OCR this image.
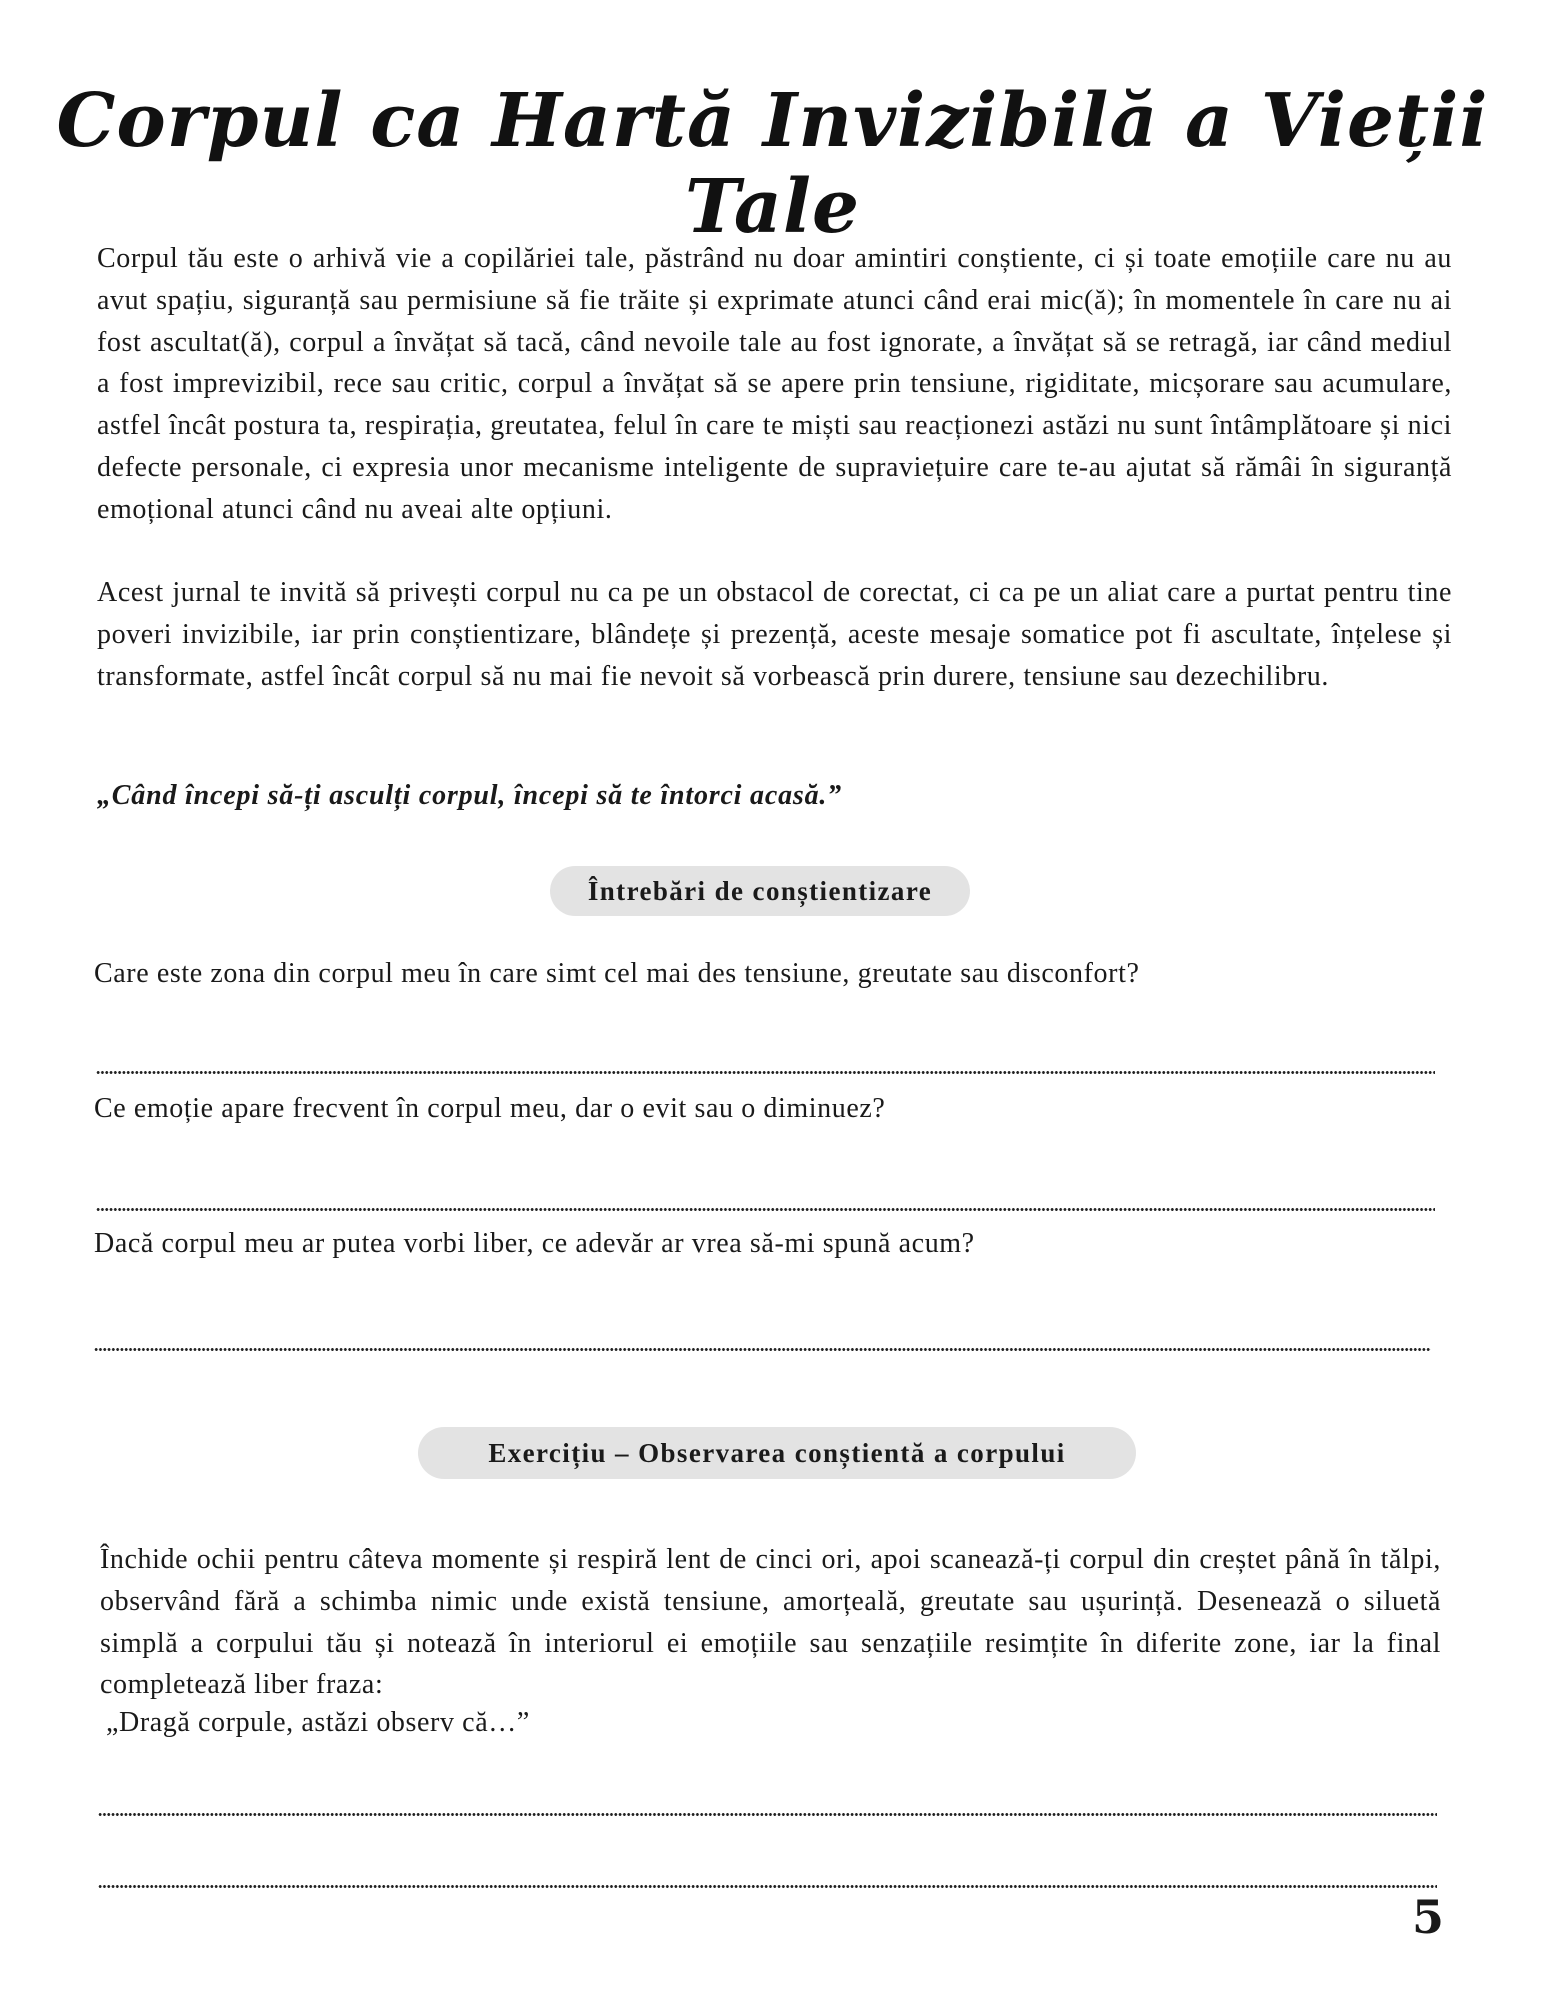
Corpul ca Hartă Invizibilă a Vieții Tale

Corpul tău este o arhivă vie a copilăriei tale, păstrând nu doar amintiri conștiente, ci și toate emoțiile care nu au avut spațiu, siguranță sau permisiune să fie trăite și exprimate atunci când erai mic(ă); în momentele în care nu ai fost ascultat(ă), corpul a învățat să tacă, când nevoile tale au fost ignorate, a învățat să se retragă, iar când mediul a fost imprevizibil, rece sau critic, corpul a învățat să se apere prin tensiune, rigiditate, micșorare sau acumulare, astfel încât postura ta, respirația, greutatea, felul în care te miști sau reacționezi astăzi nu sunt întâmplătoare și nici defecte personale, ci expresia unor mecanisme inteligente de supraviețuire care te-au ajutat să rămâi în siguranță emoțional atunci când nu aveai alte opțiuni.

Acest jurnal te invită să privești corpul nu ca pe un obstacol de corectat, ci ca pe un aliat care a purtat pentru tine poveri invizibile, iar prin conștientizare, blândețe și prezență, aceste mesaje somatice pot fi ascultate, înțelese și transformate, astfel încât corpul să nu mai fie nevoit să vorbească prin durere, tensiune sau dezechilibru.

„Când începi să-ți asculți corpul, începi să te întorci acasă.”

Întrebări de conștientizare

Care este zona din corpul meu în care simt cel mai des tensiune, greutate sau disconfort?

Ce emoție apare frecvent în corpul meu, dar o evit sau o diminuez?

Dacă corpul meu ar putea vorbi liber, ce adevăr ar vrea să-mi spună acum?

Exercițiu – Observarea conștientă a corpului

Închide ochii pentru câteva momente și respiră lent de cinci ori, apoi scanează-ți corpul din creștet până în tălpi, observând fără a schimba nimic unde există tensiune, amorțeală, greutate sau ușurință. Desenează o siluetă simplă a corpului tău și notează în interiorul ei emoțiile sau senzațiile resimțite în diferite zone, iar la final completează liber fraza:

„Dragă corpule, astăzi observ că…”

5
